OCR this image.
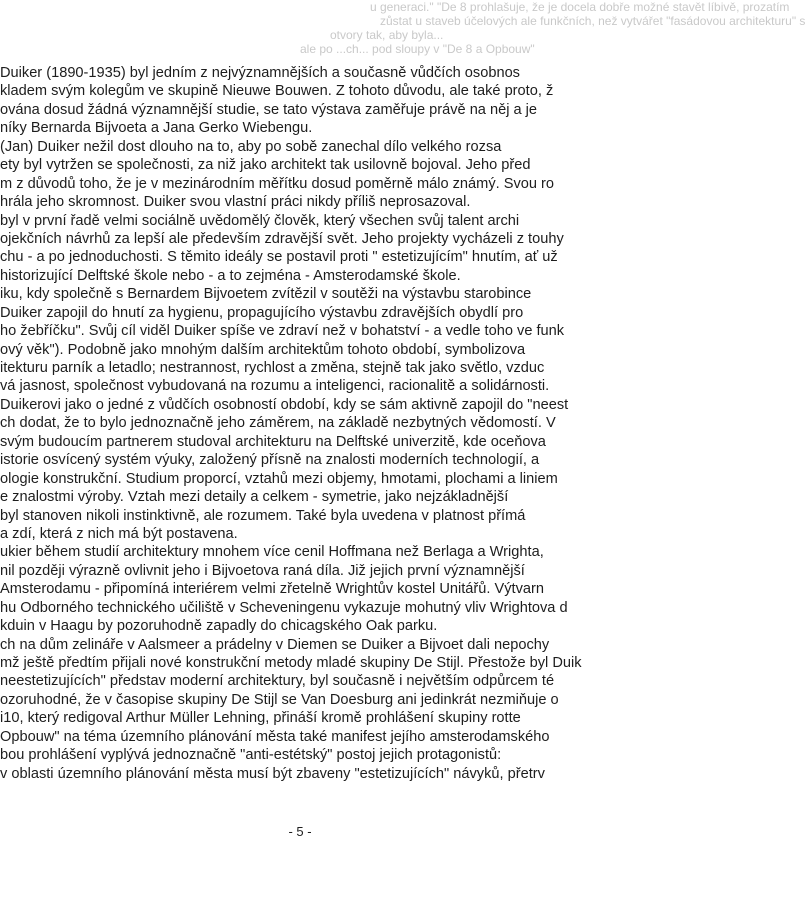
u generaci." "De 8 prohlašuje, že je docela dobře možné stavět líbivě, prozatím
zůstat u staveb účelových ale funkčních, než vytvářet "fasádovou architekturu" s
otvory tak, aby byla...
ale po ...ch... pod sloupy v "De 8 a Opbouw"
Duiker (1890-1935) byl jedním z nejvýznamnějších a současně vůdčích osobnos
kladem svým kolegům ve skupině Nieuwe Bouwen. Z tohoto důvodu, ale také proto, ž
ována dosud žádná významnější studie, se tato výstava zaměřuje právě na něj a je
níky Bernarda Bijvoeta a Jana Gerko Wiebengu.
(Jan) Duiker nežil dost dlouho na to, aby po sobě zanechal dílo velkého rozsa
ety byl vytržen se společnosti, za niž jako architekt tak usilovně bojoval. Jeho před
m z důvodů toho, že je v mezinárodním měřítku dosud poměrně málo známý. Svou ro
hrála jeho skromnost. Duiker svou vlastní práci nikdy příliš neprosazoval.
byl v první řadě velmi sociálně uvědomělý člověk, který všechen svůj talent archi
ojekčních návrhů za lepší ale především zdravější svět. Jeho projekty vycházeli z touhy
chu - a po jednoduchosti. S těmito ideály se postavil proti " estetizujícím" hnutím, ať už
historizující Delftské škole nebo - a to zejména - Amsterodamské škole.
iku, kdy společně s Bernardem Bijvoetem zvítězil v soutěži na výstavbu starobince
Duiker zapojil do hnutí za hygienu, propagujícího výstavbu zdravějších obydlí pro
ho žebříčku". Svůj cíl viděl Duiker spíše ve zdraví než v bohatství - a vedle toho ve funk
ový věk"). Podobně jako mnohým dalším architektům tohoto období, symbolizova
itekturu parník a letadlo; nestrannost, rychlost a změna, stejně tak jako světlo, vzduc
vá jasnost, společnost vybudovaná na rozumu a inteligenci, racionalitě a solidárnosti.
Duikerovi jako o jedné z vůdčích osobností období, kdy se sám aktivně zapojil do "neest
ch dodat, že to bylo jednoznačně jeho záměrem, na základě nezbytných vědomostí. V
svým budoucím partnerem studoval architekturu na Delftské univerzitě, kde oceňova
istorie osvícený systém výuky, založený přísně na znalosti moderních technologií, a
ologie konstrukční. Studium proporcí, vztahů mezi objemy, hmotami, plochami a liniem
e znalostmi výroby. Vztah mezi detaily a celkem - symetrie, jako nejzákladnější
byl stanoven nikoli instinktivně, ale rozumem. Také byla uvedena v platnost přímá
a zdí, která z nich má být postavena.
ukier během studií architektury mnohem více cenil Hoffmana než Berlaga a Wrighta,
nil později výrazně ovlivnit jeho i Bijvoetova raná díla. Již jejich první významnější
Amsterodamu - připomíná interiérem velmi zřetelně Wrightův kostel Unitářů. Výtvarn
hu Odborného technického učiliště v Scheveningenu vykazuje mohutný vliv Wrightova d
kduin v Haagu by pozoruhodně zapadly do chicagského Oak parku.
ch na dům zelináře v Aalsmeer a prádelny v Diemen se Duiker a Bijvoet dali nepochy
mž ještě předtím přijali nové konstrukční metody mladé skupiny De Stijl. Přestože byl Duik
neestetizujících" představ moderní architektury, byl současně i největším odpůrcem té
ozoruhodné, že v časopise skupiny De Stijl se Van Doesburg ani jedinkrát nezmiňuje o
i10, který redigoval Arthur Müller Lehning, přináší kromě prohlášení skupiny rotte
Opbouw" na téma územního plánování města také manifest jejího amsterodamského
bou prohlášení vyplývá jednoznačně "anti-estétský" postoj jejich protagonistů:
v oblasti územního plánování města musí být zbaveny "estetizujících" návyků, přetrv
- 5 -
